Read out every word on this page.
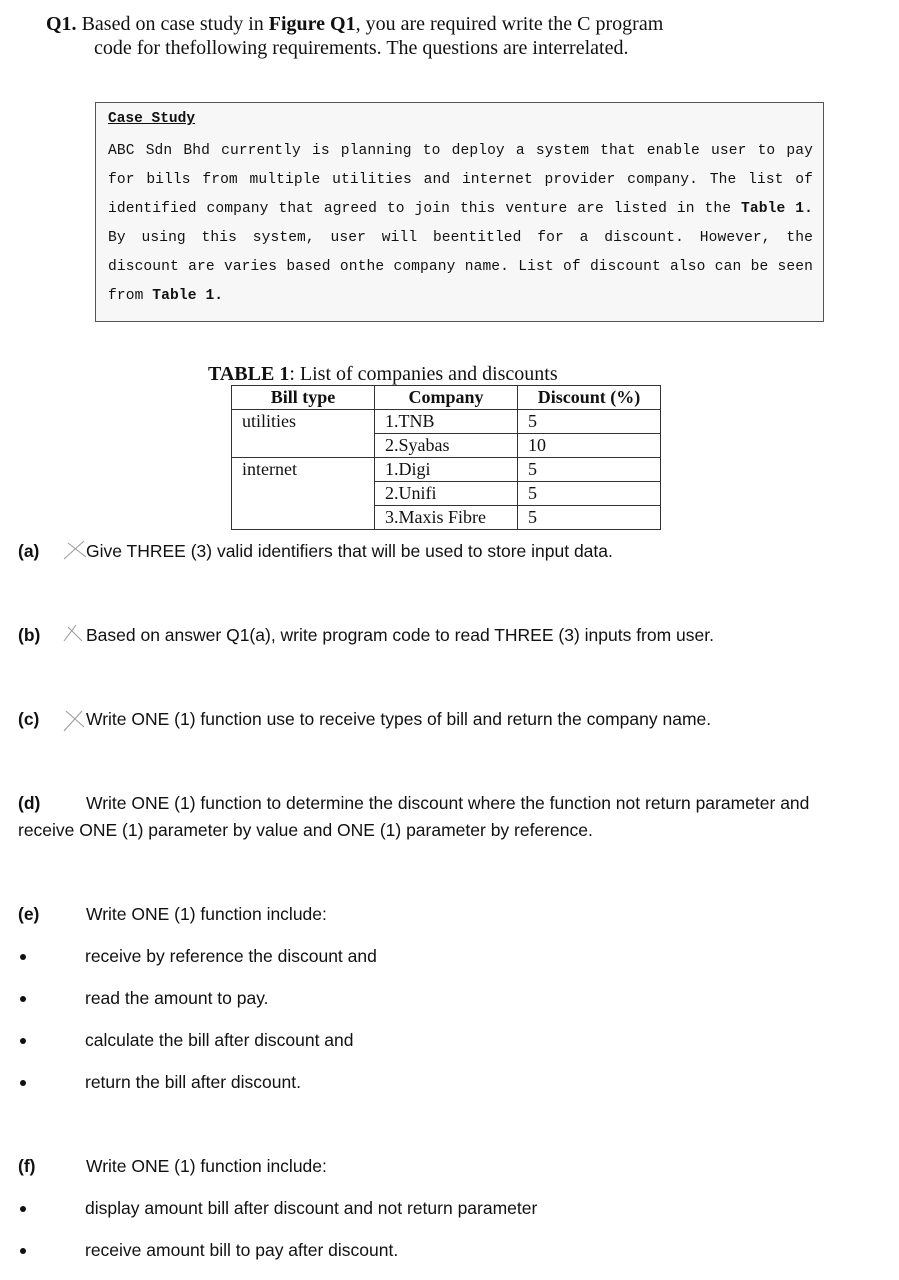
Q1. Based on case study in Figure Q1, you are required write the C program
code for thefollowing requirements. The questions are interrelated.

Case Study

ABC Sdn Bhd currently is planning to deploy a system that enable user to pay for bills from multiple utilities and internet provider company. The list of identified company that agreed to join this venture are listed in the Table 1. By using this system, user will beentitled for a discount. However, the discount are varies based onthe company name. List of discount also can be seen from Table 1.

TABLE 1: List of companies and discounts
Bill type	Company	Discount (%)
utilities	1.TNB	5
	2.Syabas	10
internet	1.Digi	5
	2.Unifi	5
	3.Maxis Fibre	5
(a)	Give THREE (3) valid identifiers that will be used to store input data.
(b)	Based on answer Q1(a), write program code to read THREE (3) inputs from user.
(c)	Write ONE (1) function use to receive types of bill and return the company name.
(d)	Write ONE (1) function to determine the discount where the function not return parameter and
receive ONE (1) parameter by value and ONE (1) parameter by reference.
(e)	Write ONE (1) function include:
receive by reference the discount and
read the amount to pay.
calculate the bill after discount and
return the bill after discount.
(f)	Write ONE (1) function include:
display amount bill after discount and not return parameter
receive amount bill to pay after discount.
